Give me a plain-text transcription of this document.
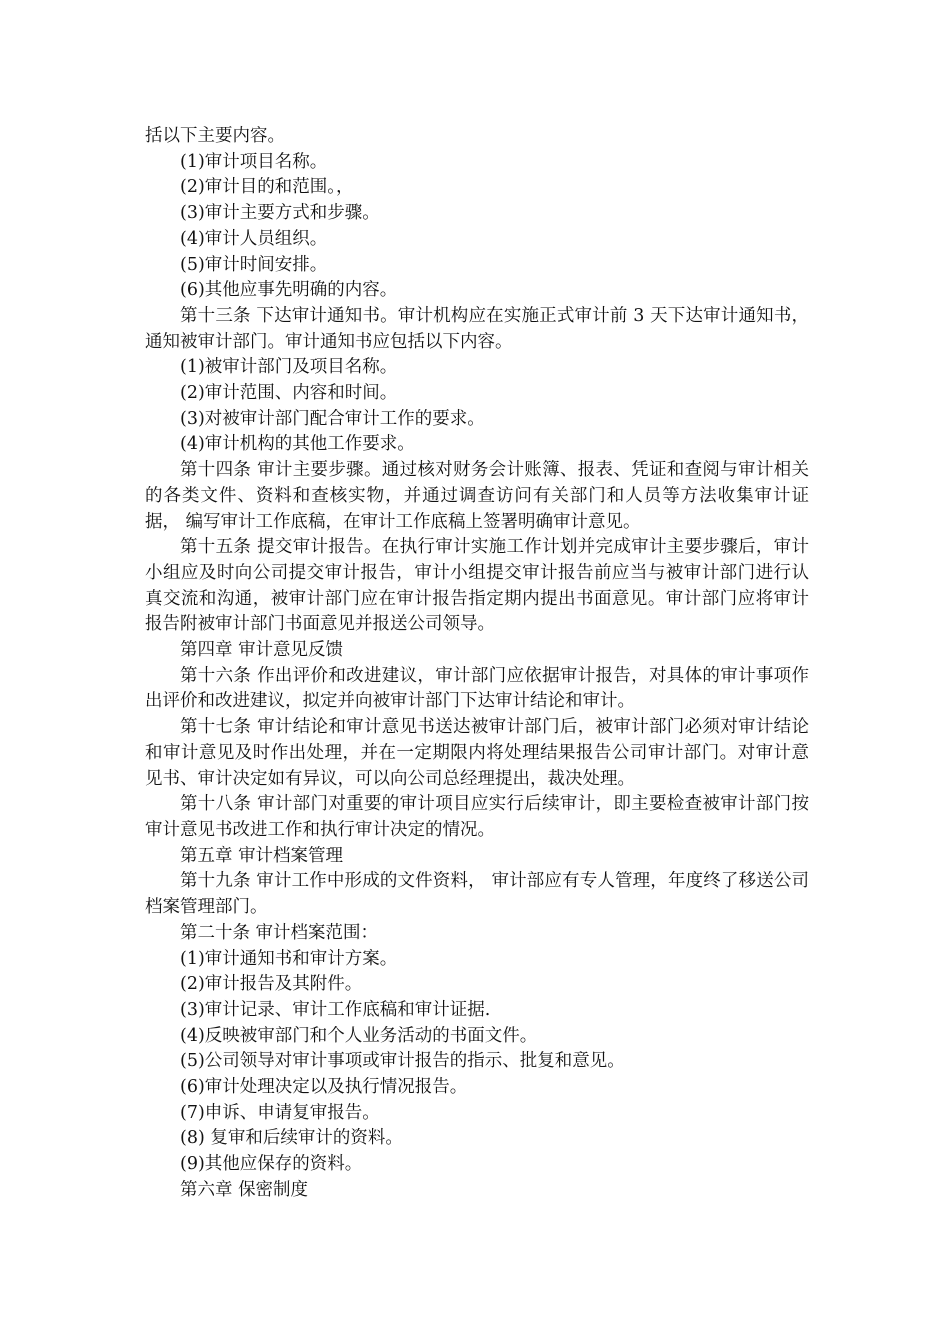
括以下主要内容。

(1)审计项目名称。

(2)审计目的和范围。，

(3)审计主要方式和步骤。

(4)审计人员组织。

(5)审计时间安排。

(6)其他应事先明确的内容。

第十三条 下达审计通知书。审计机构应在实施正式审计前 3 天下达审计通知书，通知被审计部门。审计通知书应包括以下内容。

(1)被审计部门及项目名称。

(2)审计范围、内容和时间。

(3)对被审计部门配合审计工作的要求。

(4)审计机构的其他工作要求。

第十四条 审计主要步骤。通过核对财务会计账簿、报表、凭证和查阅与审计相关的各类文件、资料和查核实物，并通过调查访问有关部门和人员等方法收集审计证据， 编写审计工作底稿，在审计工作底稿上签署明确审计意见。

第十五条 提交审计报告。在执行审计实施工作计划并完成审计主要步骤后，审计小组应及时向公司提交审计报告，审计小组提交审计报告前应当与被审计部门进行认真交流和沟通，被审计部门应在审计报告指定期内提出书面意见。审计部门应将审计报告附被审计部门书面意见并报送公司领导。

第四章 审计意见反馈

第十六条 作出评价和改进建议，审计部门应依据审计报告，对具体的审计事项作出评价和改进建议，拟定并向被审计部门下达审计结论和审计。

第十七条 审计结论和审计意见书送达被审计部门后，被审计部门必须对审计结论和审计意见及时作出处理，并在一定期限内将处理结果报告公司审计部门。对审计意见书、审计决定如有异议，可以向公司总经理提出，裁决处理。

第十八条 审计部门对重要的审计项目应实行后续审计，即主要检查被审计部门按审计意见书改进工作和执行审计决定的情况。

第五章 审计档案管理

第十九条 审计工作中形成的文件资料， 审计部应有专人管理，年度终了移送公司档案管理部门。

第二十条 审计档案范围：

(1)审计通知书和审计方案。

(2)审计报告及其附件。

(3)审计记录、审计工作底稿和审计证据.

(4)反映被审部门和个人业务活动的书面文件。

(5)公司领导对审计事项或审计报告的指示、批复和意见。

(6)审计处理决定以及执行情况报告。

(7)申诉、申请复审报告。

(8) 复审和后续审计的资料。

(9)其他应保存的资料。

第六章 保密制度
